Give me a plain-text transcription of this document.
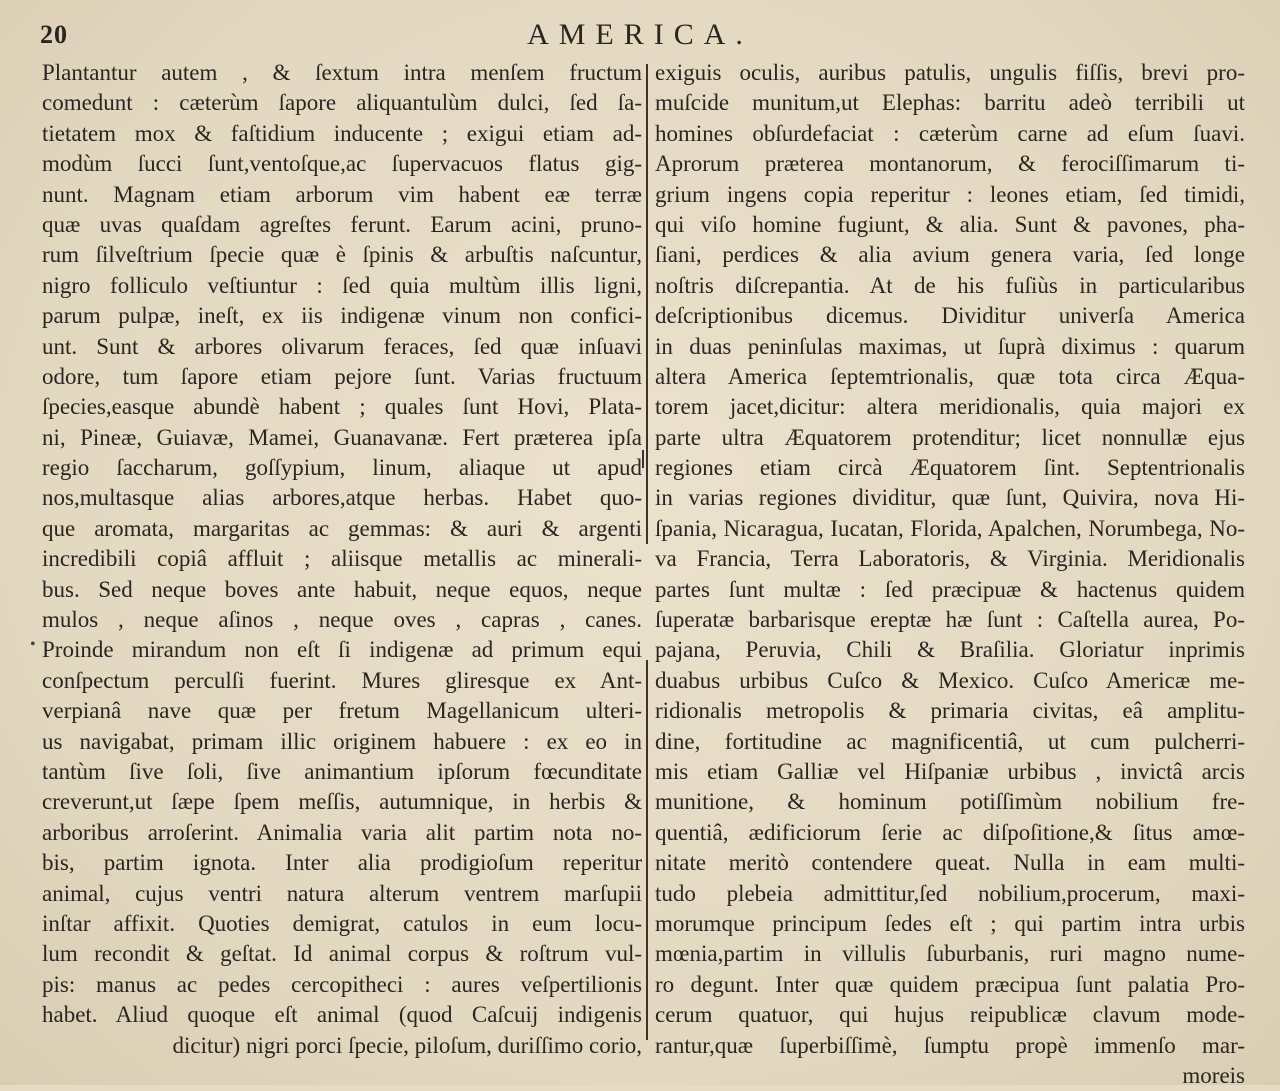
20	AMERICA.
Plantantur autem , & ſextum intra menſem fructum
comedunt : cæterùm ſapore aliquantulùm dulci, ſed ſa-
tietatem mox & faſtidium inducente ; exigui etiam ad-
modùm ſucci ſunt,ventoſque,ac ſupervacuos flatus gig-
nunt. Magnam etiam arborum vim habent eæ terræ
quæ uvas quaſdam agreſtes ferunt. Earum acini, pruno-
rum ſilveſtrium ſpecie quæ è ſpinis & arbuſtis naſcuntur,
nigro folliculo veſtiuntur : ſed quia multùm illis ligni,
parum pulpæ, ineſt, ex iis indigenæ vinum non confici-
unt. Sunt & arbores olivarum feraces, ſed quæ inſuavi
odore, tum ſapore etiam pejore ſunt. Varias fructuum
ſpecies,easque abundè habent ; quales ſunt Hovi, Plata-
ni, Pineæ, Guiavæ, Mamei, Guanavanæ. Fert præterea ipſa
regio ſaccharum, goſſypium, linum, aliaque ut apud
nos,multasque alias arbores,atque herbas. Habet quo-
que aromata, margaritas ac gemmas: & auri & argenti
incredibili copiâ affluit ; aliisque metallis ac minerali-
bus. Sed neque boves ante habuit, neque equos, neque
mulos , neque aſinos , neque oves , capras , canes.
Proinde mirandum non eſt ſi indigenæ ad primum equi
conſpectum perculſi fuerint. Mures gliresque ex Ant-
verpianâ nave quæ per fretum Magellanicum ulteri-
us navigabat, primam illic originem habuere : ex eo in
tantùm ſive ſoli, ſive animantium ipſorum fœcunditate
creverunt,ut ſæpe ſpem meſſis, autumnique, in herbis &
arboribus arroſerint. Animalia varia alit partim nota no-
bis, partim ignota. Inter alia prodigioſum reperitur
animal, cujus ventri natura alterum ventrem marſupii
inſtar affixit. Quoties demigrat, catulos in eum locu-
lum recondit & geſtat. Id animal corpus & roſtrum vul-
pis: manus ac pedes cercopitheci : aures veſpertilionis
habet. Aliud quoque eſt animal (quod Caſcuij indigenis
dicitur) nigri porci ſpecie, piloſum, duriſſimo corio,
exiguis oculis, auribus patulis, ungulis fiſſis, brevi pro-
muſcide munitum,ut Elephas: barritu adeò terribili ut
homines obſurdefaciat : cæterùm carne ad eſum ſuavi.
Aprorum præterea montanorum, & ferociſſimarum ti-
grium ingens copia reperitur : leones etiam, ſed timidi,
qui viſo homine fugiunt, & alia. Sunt & pavones, pha-
ſiani, perdices & alia avium genera varia, ſed longe
noſtris diſcrepantia. At de his fuſiùs in particularibus
deſcriptionibus dicemus. Dividitur univerſa America
in duas peninſulas maximas, ut ſuprà diximus : quarum
altera America ſeptemtrionalis, quæ tota circa Æqua-
torem jacet,dicitur: altera meridionalis, quia majori ex
parte ultra Æquatorem protenditur; licet nonnullæ ejus
regiones etiam circà Æquatorem ſint. Septentrionalis
in varias regiones dividitur, quæ ſunt, Quivira, nova Hi-
ſpania, Nicaragua, Iucatan, Florida, Apalchen, Norumbega, No-
va Francia, Terra Laboratoris, & Virginia. Meridionalis
partes ſunt multæ : ſed præcipuæ & hactenus quidem
ſuperatæ barbarisque ereptæ hæ ſunt : Caſtella aurea, Po-
pajana, Peruvia, Chili & Braſilia. Gloriatur inprimis
duabus urbibus Cuſco & Mexico. Cuſco Americæ me-
ridionalis metropolis & primaria civitas, eâ amplitu-
dine, fortitudine ac magnificentiâ, ut cum pulcherri-
mis etiam Galliæ vel Hiſpaniæ urbibus , invictâ arcis
munitione, & hominum potiſſimùm nobilium fre-
quentiâ, ædificiorum ſerie ac diſpoſitione,& ſitus amœ-
nitate meritò contendere queat. Nulla in eam multi-
tudo plebeia admittitur,ſed nobilium,procerum, maxi-
morumque principum ſedes eſt ; qui partim intra urbis
mœnia,partim in villulis ſuburbanis, ruri magno nume-
ro degunt. Inter quæ quidem præcipua ſunt palatia Pro-
cerum quatuor, qui hujus reipublicæ clavum mode-
rantur,quæ ſuperbiſſimè, ſumptu propè immenſo mar-
moreis
•
